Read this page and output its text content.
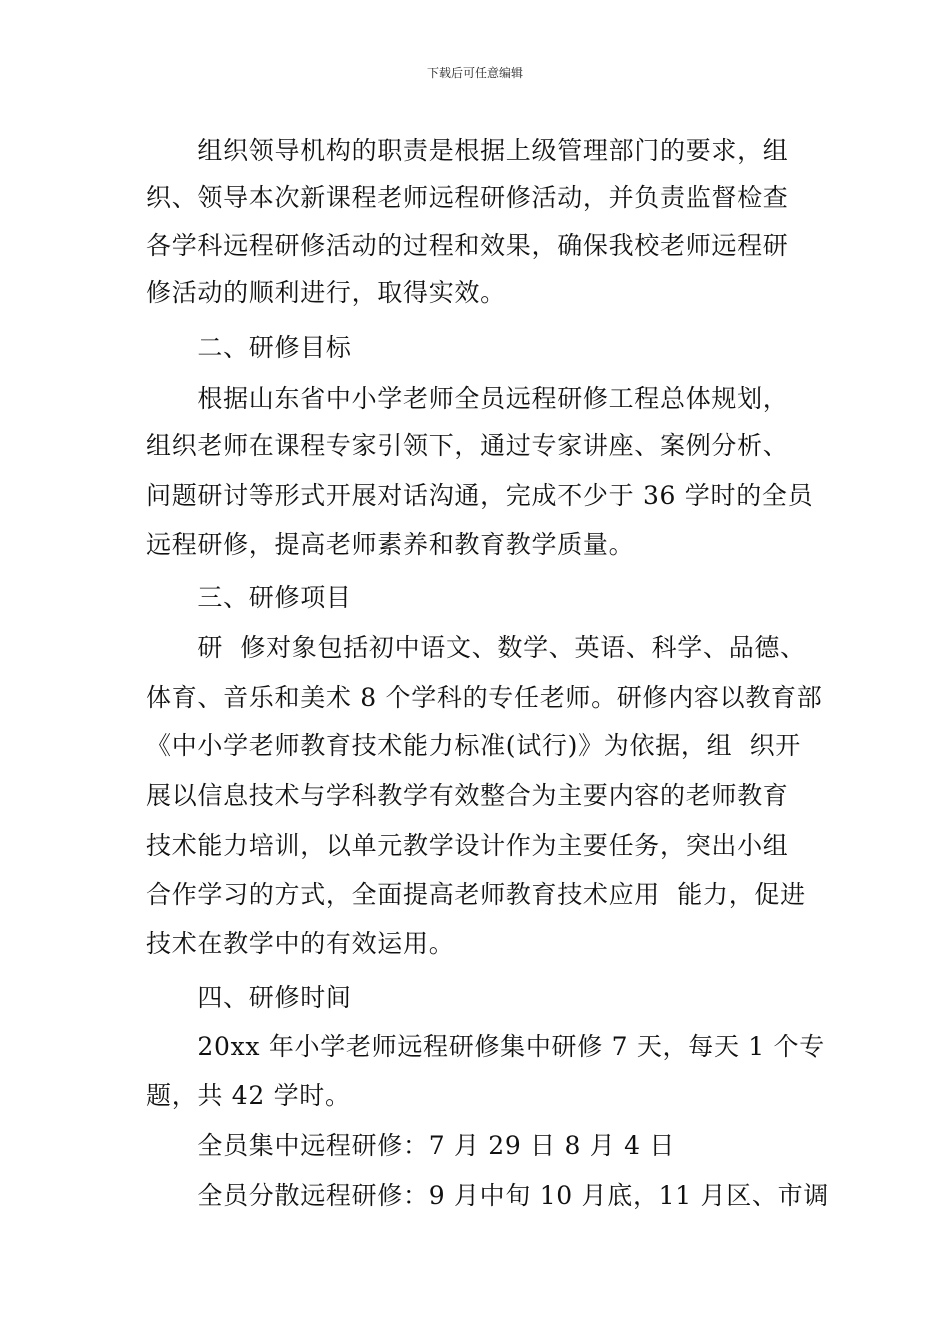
下载后可任意编辑
　　组织领导机构的职责是根据上级管理部门的要求，组
织、领导本次新课程老师远程研修活动，并负责监督检查
各学科远程研修活动的过程和效果，确保我校老师远程研
修活动的顺利进行，取得实效。
　　二、研修目标
　　根据山东省中小学老师全员远程研修工程总体规划，
组织老师在课程专家引领下，通过专家讲座、案例分析、
问题研讨等形式开展对话沟通，完成不少于 36 学时的全员
远程研修，提高老师素养和教育教学质量。
　　三、研修项目
　　研  修对象包括初中语文、数学、英语、科学、品德、
体育、音乐和美术 8 个学科的专任老师。研修内容以教育部
《中小学老师教育技术能力标准(试行)》为依据，组  织开
展以信息技术与学科教学有效整合为主要内容的老师教育
技术能力培训，以单元教学设计作为主要任务，突出小组
合作学习的方式，全面提高老师教育技术应用  能力，促进
技术在教学中的有效运用。
　　四、研修时间
　　20xx 年小学老师远程研修集中研修 7 天，每天 1 个专
题，共 42 学时。
　　全员集中远程研修：7 月 29 日 8 月 4 日
　　全员分散远程研修：9 月中旬 10 月底，11 月区、市调
